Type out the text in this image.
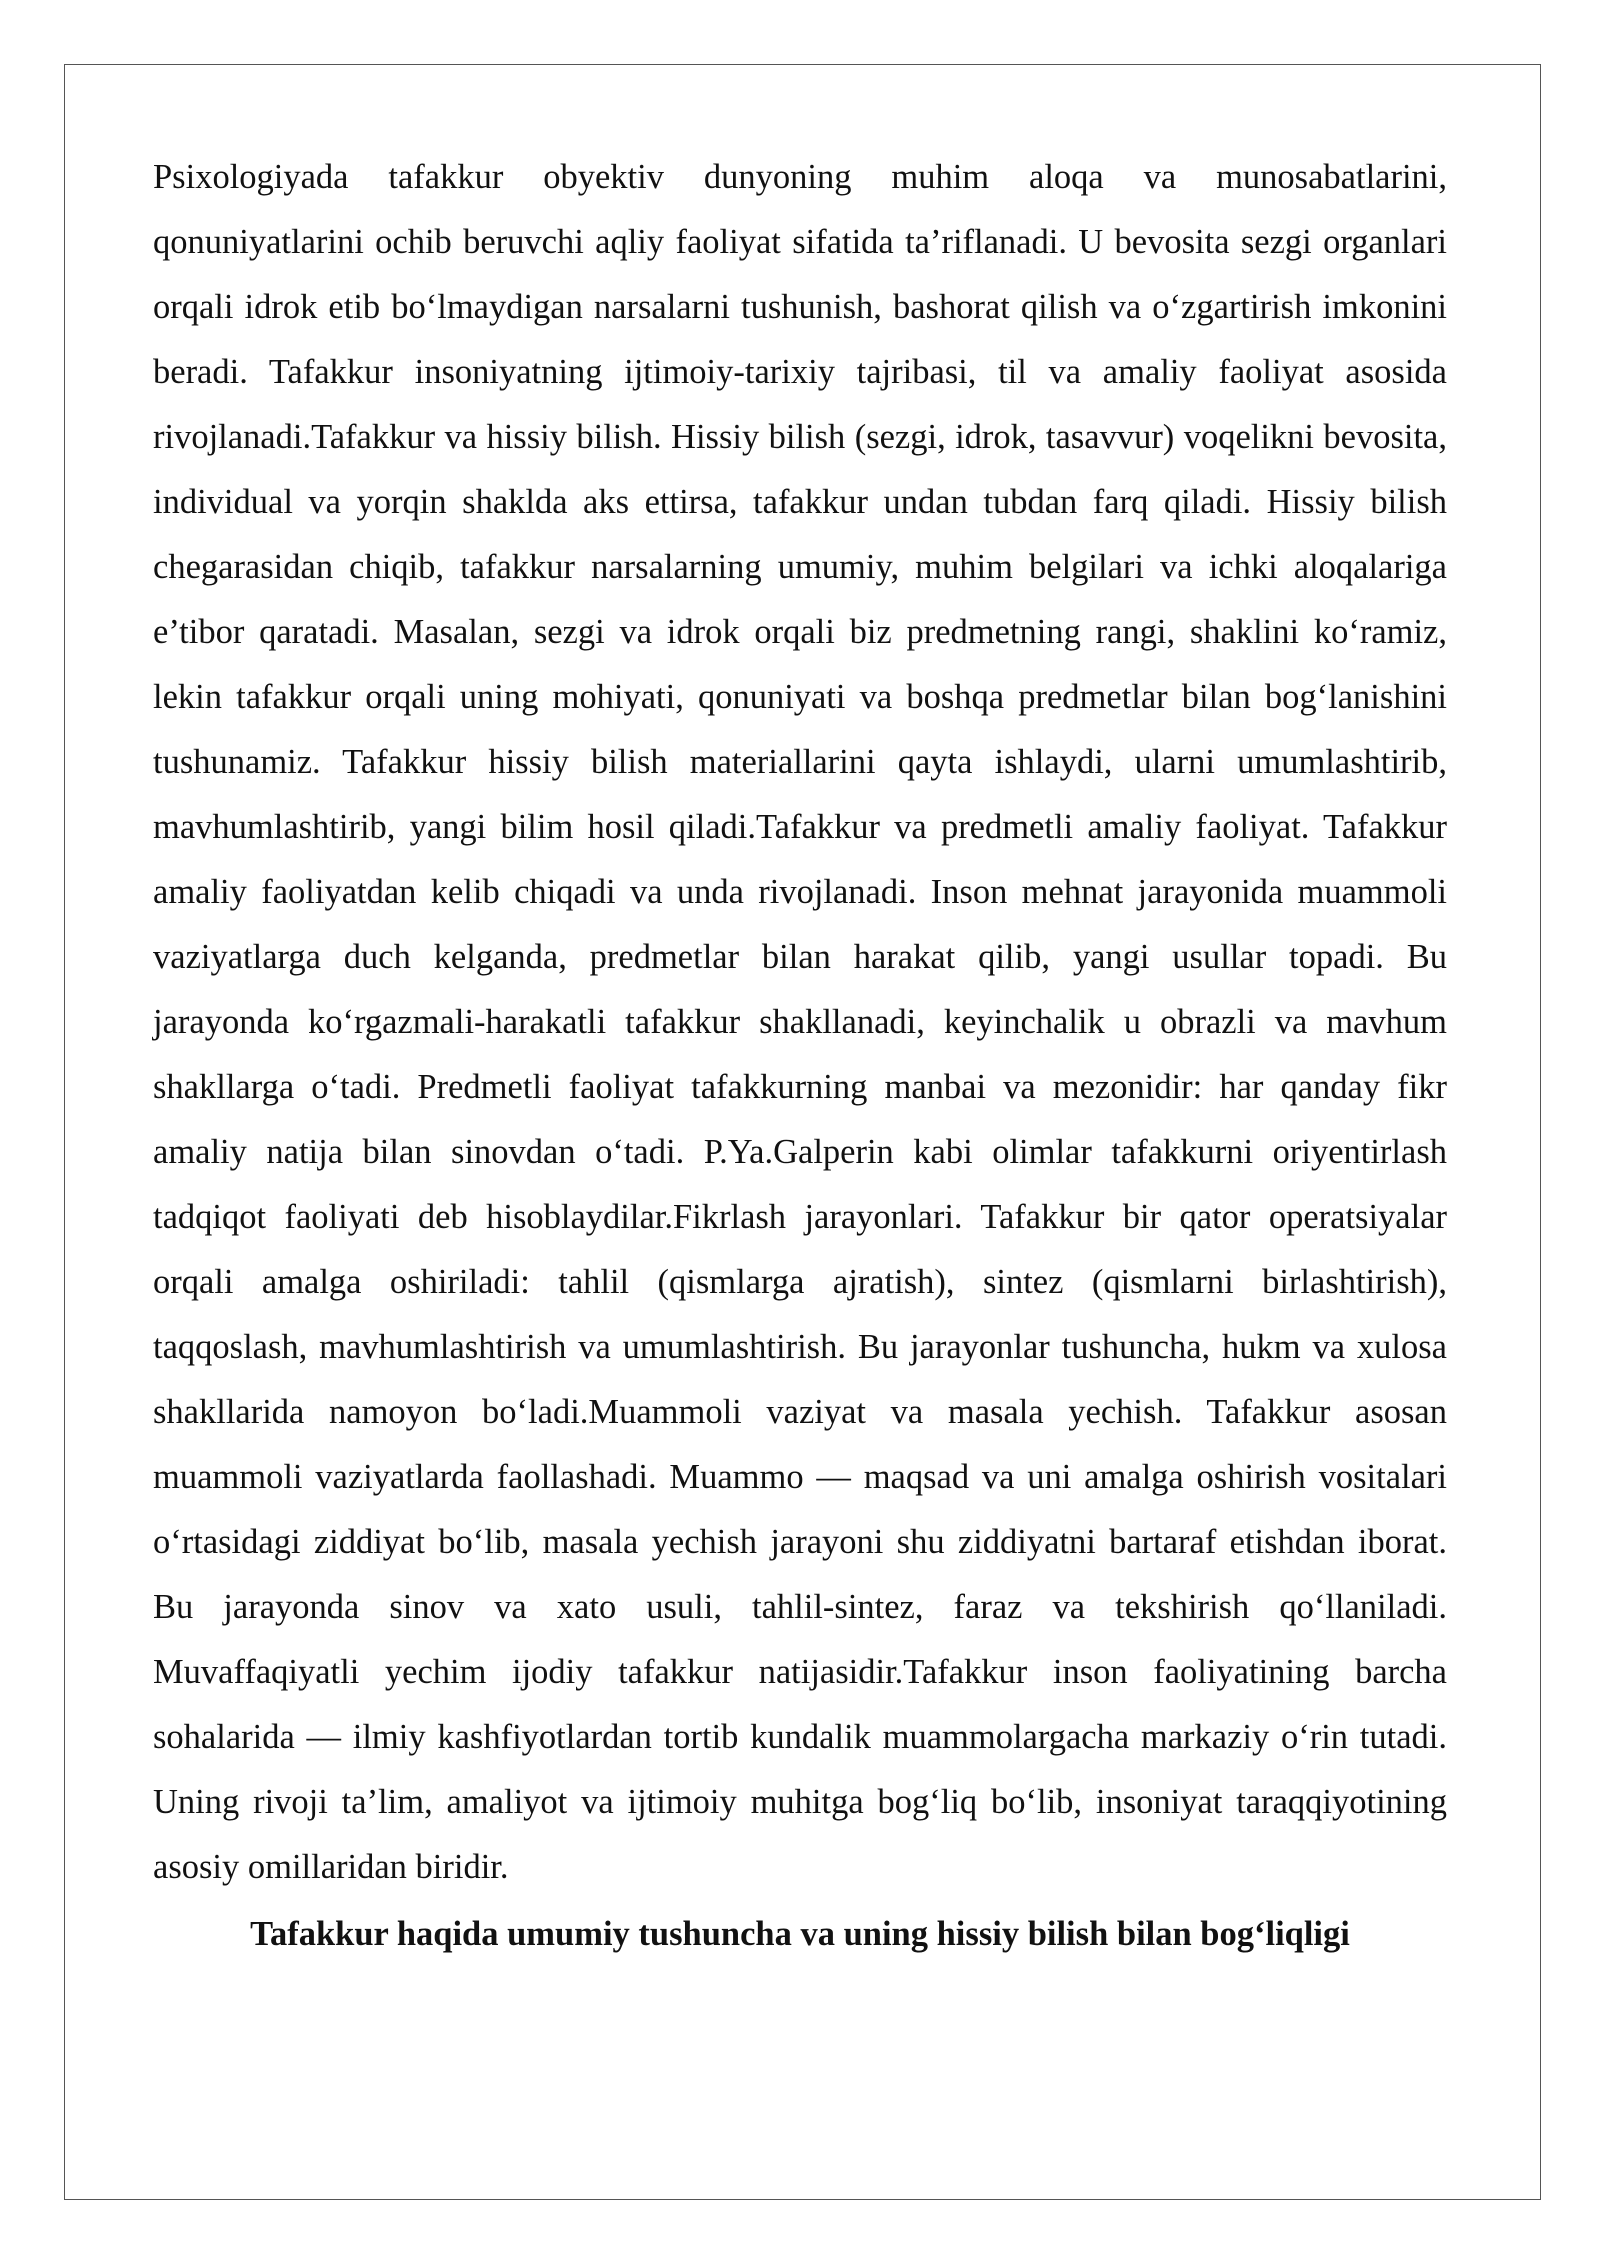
Psixologiyada tafakkur obyektiv dunyoning muhim aloqa va munosabatlarini, qonuniyatlarini ochib beruvchi aqliy faoliyat sifatida ta’riflanadi. U bevosita sezgi organlari orqali idrok etib bo‘lmaydigan narsalarni tushunish, bashorat qilish va o‘zgartirish imkonini beradi. Tafakkur insoniyatning ijtimoiy-tarixiy tajribasi, til va amaliy faoliyat asosida rivojlanadi.Tafakkur va hissiy bilish. Hissiy bilish (sezgi, idrok, tasavvur) voqelikni bevosita, individual va yorqin shaklda aks ettirsa, tafakkur undan tubdan farq qiladi. Hissiy bilish chegarasidan chiqib, tafakkur narsalarning umumiy, muhim belgilari va ichki aloqalariga e’tibor qaratadi. Masalan, sezgi va idrok orqali biz predmetning rangi, shaklini ko‘ramiz, lekin tafakkur orqali uning mohiyati, qonuniyati va boshqa predmetlar bilan bog‘lanishini tushunamiz. Tafakkur hissiy bilish materiallarini qayta ishlaydi, ularni umumlashtirib, mavhumlashtirib, yangi bilim hosil qiladi.Tafakkur va predmetli amaliy faoliyat. Tafakkur amaliy faoliyatdan kelib chiqadi va unda rivojlanadi. Inson mehnat jarayonida muammoli vaziyatlarga duch kelganda, predmetlar bilan harakat qilib, yangi usullar topadi. Bu jarayonda ko‘rgazmali-harakatli tafakkur shakllanadi, keyinchalik u obrazli va mavhum shakllarga o‘tadi. Predmetli faoliyat tafakkurning manbai va mezonidir: har qanday fikr amaliy natija bilan sinovdan o‘tadi. P.Ya.Galperin kabi olimlar tafakkurni oriyentirlash tadqiqot faoliyati deb hisoblaydilar.Fikrlash jarayonlari. Tafakkur bir qator operatsiyalar orqali amalga oshiriladi: tahlil (qismlarga ajratish), sintez (qismlarni birlashtirish), taqqoslash, mavhumlashtirish va umumlashtirish. Bu jarayonlar tushuncha, hukm va xulosa shakllarida namoyon bo‘ladi.Muammoli vaziyat va masala yechish. Tafakkur asosan muammoli vaziyatlarda faollashadi. Muammo — maqsad va uni amalga oshirish vositalari o‘rtasidagi ziddiyat bo‘lib, masala yechish jarayoni shu ziddiyatni bartaraf etishdan iborat. Bu jarayonda sinov va xato usuli, tahlil-sintez, faraz va tekshirish qo‘llaniladi. Muvaffaqiyatli yechim ijodiy tafakkur natijasidir.Tafakkur inson faoliyatining barcha sohalarida — ilmiy kashfiyotlardan tortib kundalik muammolargacha markaziy o‘rin tutadi. Uning rivoji ta’lim, amaliyot va ijtimoiy muhitga bog‘liq bo‘lib, insoniyat taraqqiyotining asosiy omillaridan biridir.

Tafakkur haqida umumiy tushuncha va uning hissiy bilish bilan bog‘liqligi
